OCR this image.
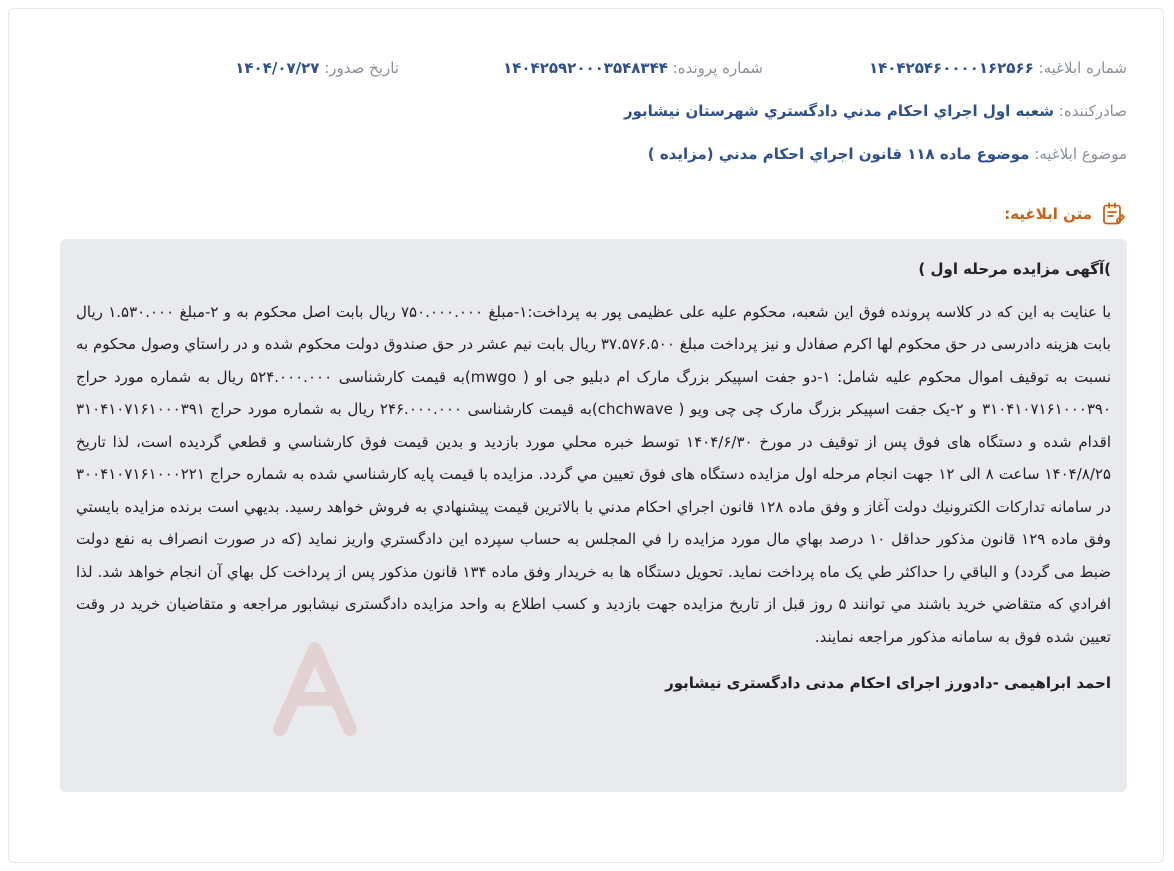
شماره ابلاغیه: ۱۴۰۴۲۵۴۶۰۰۰۰۱۶۲۵۶۶
شماره پرونده: ۱۴۰۴۲۵۹۲۰۰۰۳۵۴۸۳۴۴
تاریخ صدور: ۱۴۰۴/۰۷/۲۷
صادرکننده: شعبه اول اجراي احكام مدني دادگستري شهرستان نيشابور
موضوع ابلاغیه: موضوع ماده ۱۱۸ قانون اجراي احكام مدني (مزايده )
متن ابلاغیه:
)آگهی مزایده مرحله اول )
با عنايت به اين كه در كلاسه پرونده فوق اين شعبه، محكوم عليه علی عظیمی پور به پرداخت:۱-مبلغ ۷۵۰.۰۰۰.۰۰۰ ریال بابت اصل محکوم به و ۲-مبلغ ۱.۵۳۰.۰۰۰ ریال بابت هزینه دادرسی در حق محکوم لها اکرم صفادل و نیز پرداخت مبلغ ۳۷.۵۷۶.۵۰۰ ریال بابت نیم عشر در حق صندوق دولت محكوم شده و در راستاي وصول محكوم به نسبت به توقيف اموال محكوم عليه شامل: ۱-دو جفت اسپیکر بزرگ مارک ام دبلیو جی او ( mwgo)به قیمت کارشناسی ۵۲۴.۰۰۰.۰۰۰ ریال به شماره مورد حراج ۳۱۰۴۱۰۷۱۶۱۰۰۰۳۹۰ و ۲-یک جفت اسپیکر بزرگ مارک چی چی ویو ( chchwave)به قیمت کارشناسی ۲۴۶.۰۰۰.۰۰۰ ریال به شماره مورد حراج ۳۱۰۴۱۰۷۱۶۱۰۰۰۳۹۱ اقدام شده و دستگاه های فوق پس از توقيف در مورخ ۱۴۰۴/۶/۳۰ توسط خبره محلي مورد بازديد و بدين قيمت فوق كارشناسي و قطعي گرديده است، لذا تاريخ ۱۴۰۴/۸/۲۵ ساعت ۸ الی ۱۲ جهت انجام مرحله اول مزايده دستگاه های فوق تعيين مي گردد. مزايده با قيمت پايه كارشناسي شده به شماره حراج ۳۰۰۴۱۰۷۱۶۱۰۰۰۲۲۱ در سامانه تداركات الكترونيك دولت آغاز و وفق ماده ۱۲۸ قانون اجراي احكام مدني با بالاترين قيمت پيشنهادي به فروش خواهد رسيد. بديهي است برنده مزايده بايستي وفق ماده ۱۲۹ قانون مذكور حداقل ۱۰ درصد بهاي مال مورد مزايده را في المجلس به حساب سپرده اين دادگستري واريز نمايد (كه در صورت انصراف به نفع دولت ضبط می گردد) و الباقي را حداكثر طي يک ماه پرداخت نمايد. تحويل دستگاه ها به خريدار وفق ماده ۱۳۴ قانون مذكور پس از پرداخت كل بهاي آن انجام خواهد شد. لذا افرادي كه متقاضي خريد باشند مي توانند ۵ روز قبل از تاريخ مزايده جهت بازديد و كسب اطلاع به واحد مزايده دادگستری نیشابور مراجعه و متقاضيان خريد در وقت تعيين شده فوق به سامانه مذكور مراجعه نمايند.
احمد ابراهیمی -دادورز اجرای احکام مدنی دادگستری نیشابور
